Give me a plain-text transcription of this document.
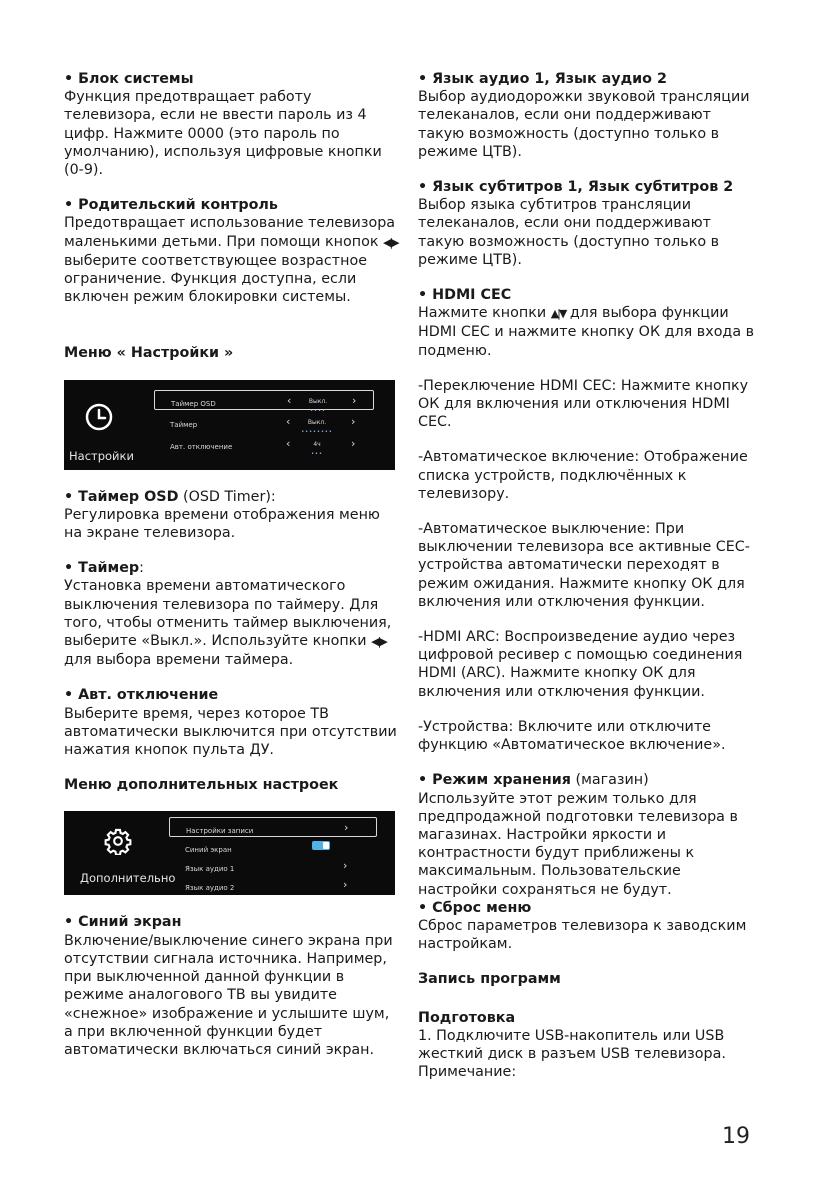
• Блок системы

Функция предотвращает работу телевизора, если не ввести пароль из 4 цифр. Нажмите 0000 (это пароль по умолчанию), используя цифровые кнопки (0-9).

• Родительский контроль

Предотвращает использование телевизора маленькими детьми. При помощи кнопок ◀|▶ выберите соответствующее возрастное ограничение. Функция доступна, если включен режим блокировки системы.

Меню « Настройки »

Настройки
Таймер OSD	‹	Выкл.
••••
›
Таймер	‹	Выкл.
••••••••
›
Авт. отключение	‹	4ч
•••
›

• Таймер OSD (OSD Timer):

Регулировка времени отображения меню на экране телевизора.

• Таймер:

Установка времени автоматического выключения телевизора по таймеру. Для того, чтобы отменить таймер выключения, выберите «Выкл.». Используйте кнопки ◀|▶ для выбора времени таймера.

• Авт. отключение

Выберите время, через которое ТВ автоматически выключится при отсутствии нажатия кнопок пульта ДУ.

Меню дополнительных настроек

Дополнительно
Настройки записи	›
Синий экран
Язык аудио 1	›
Язык аудио 2	›

• Синий экран

Включение/выключение синего экрана при отсутствии сигнала источника. Например, при выключенной данной функции в режиме аналогового ТВ вы увидите «снежное» изображение и услышите шум, а при включенной функции будет автоматически включаться синий экран.

• Язык аудио 1, Язык аудио 2

Выбор аудиодорожки звуковой трансляции телеканалов, если они поддерживают такую возможность (доступно только в режиме ЦТВ).

• Язык субтитров 1, Язык субтитров 2

Выбор языка субтитров трансляции телеканалов, если они поддерживают такую возможность (доступно только в режиме ЦТВ).

• HDMI CEC

Нажмите кнопки ▲|▼ для выбора функции HDMI CEC и нажмите кнопку ОК для входа в подменю.

-Переключение HDMI CEC: Нажмите кнопку ОК для включения или отключения HDMI CEC.

-Автоматическое включение: Отображение списка устройств, подключённых к телевизору.

-Автоматическое выключение: При выключении телевизора все активные CEC-устройства автоматически переходят в режим ожидания. Нажмите кнопку ОК для включения или отключения функции.

-HDMI ARC: Воспроизведение аудио через цифровой ресивер с помощью соединения HDMI (ARC). Нажмите кнопку ОК для включения или отключения функции.

-Устройства: Включите или отключите функцию «Автоматическое включение».

• Режим хранения (магазин)

Используйте этот режим только для предпродажной подготовки телевизора в магазинах. Настройки яркости и контрастности будут приближены к максимальным. Пользовательские настройки сохраняться не будут.

• Сброс меню

Сброс параметров телевизора к заводским настройкам.

Запись программ

Подготовка

1. Подключите USB-накопитель или USB жесткий диск в разъем USB телевизора. Примечание:

19
